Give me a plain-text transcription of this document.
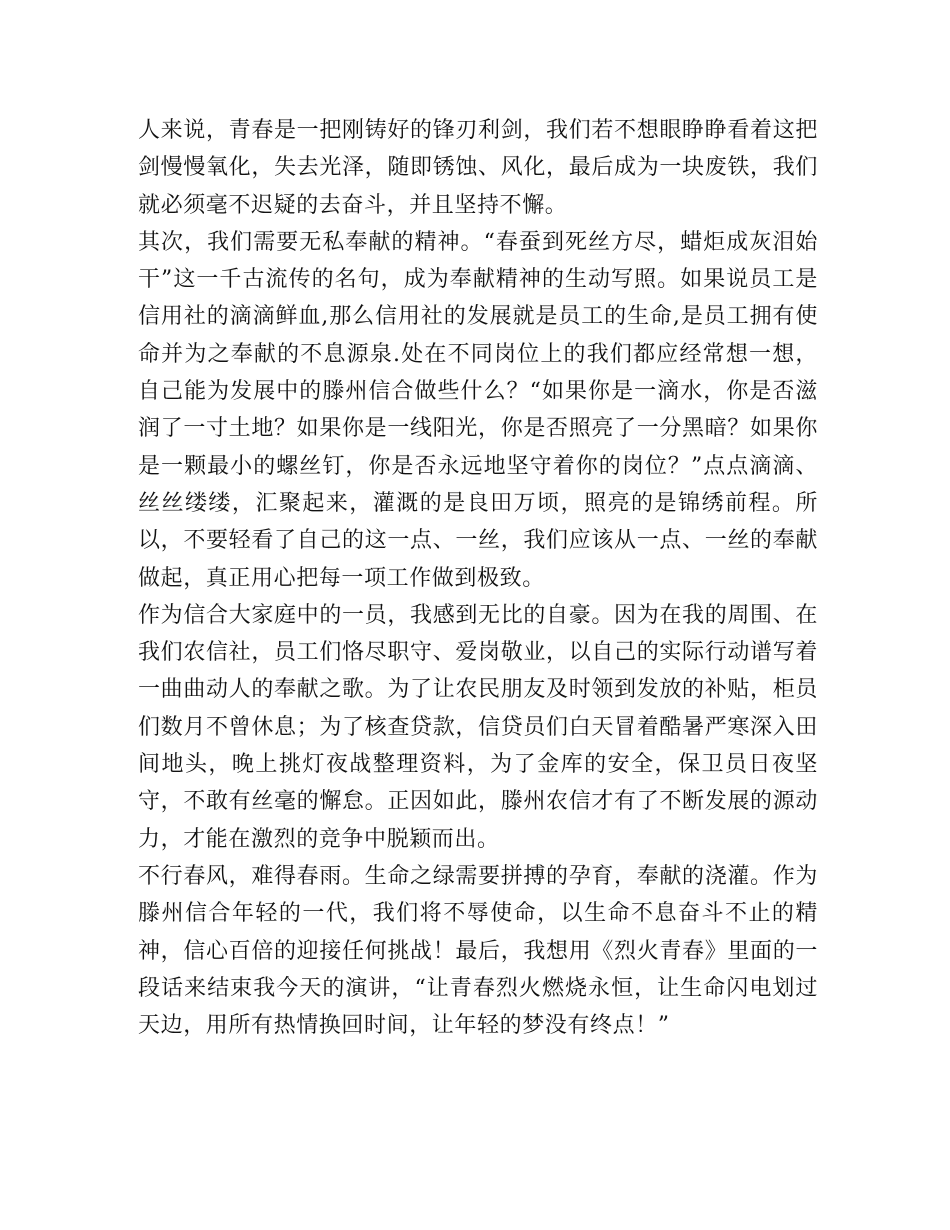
人来说，青春是一把刚铸好的锋刃利剑，我们若不想眼睁睁看着这把剑慢慢氧化，失去光泽，随即锈蚀、风化，最后成为一块废铁，我们就必须毫不迟疑的去奋斗，并且坚持不懈。

其次，我们需要无私奉献的精神。“春蚕到死丝方尽，蜡炬成灰泪始干”这一千古流传的名句，成为奉献精神的生动写照。如果说员工是信用社的滴滴鲜血,那么信用社的发展就是员工的生命,是员工拥有使命并为之奉献的不息源泉.处在不同岗位上的我们都应经常想一想，自己能为发展中的滕州信合做些什么？“如果你是一滴水，你是否滋润了一寸土地？如果你是一线阳光，你是否照亮了一分黑暗？如果你是一颗最小的螺丝钉，你是否永远地坚守着你的岗位？”点点滴滴、丝丝缕缕，汇聚起来，灌溉的是良田万顷，照亮的是锦绣前程。所以，不要轻看了自己的这一点、一丝，我们应该从一点、一丝的奉献做起，真正用心把每一项工作做到极致。

作为信合大家庭中的一员，我感到无比的自豪。因为在我的周围、在我们农信社，员工们恪尽职守、爱岗敬业，以自己的实际行动谱写着一曲曲动人的奉献之歌。为了让农民朋友及时领到发放的补贴，柜员们数月不曾休息；为了核查贷款，信贷员们白天冒着酷暑严寒深入田间地头，晚上挑灯夜战整理资料，为了金库的安全，保卫员日夜坚守，不敢有丝毫的懈怠。正因如此，滕州农信才有了不断发展的源动力，才能在激烈的竞争中脱颖而出。

不行春风，难得春雨。生命之绿需要拼搏的孕育，奉献的浇灌。作为滕州信合年轻的一代，我们将不辱使命，以生命不息奋斗不止的精神，信心百倍的迎接任何挑战！最后，我想用《烈火青春》里面的一段话来结束我今天的演讲，“让青春烈火燃烧永恒，让生命闪电划过天边，用所有热情换回时间，让年轻的梦没有终点！”
